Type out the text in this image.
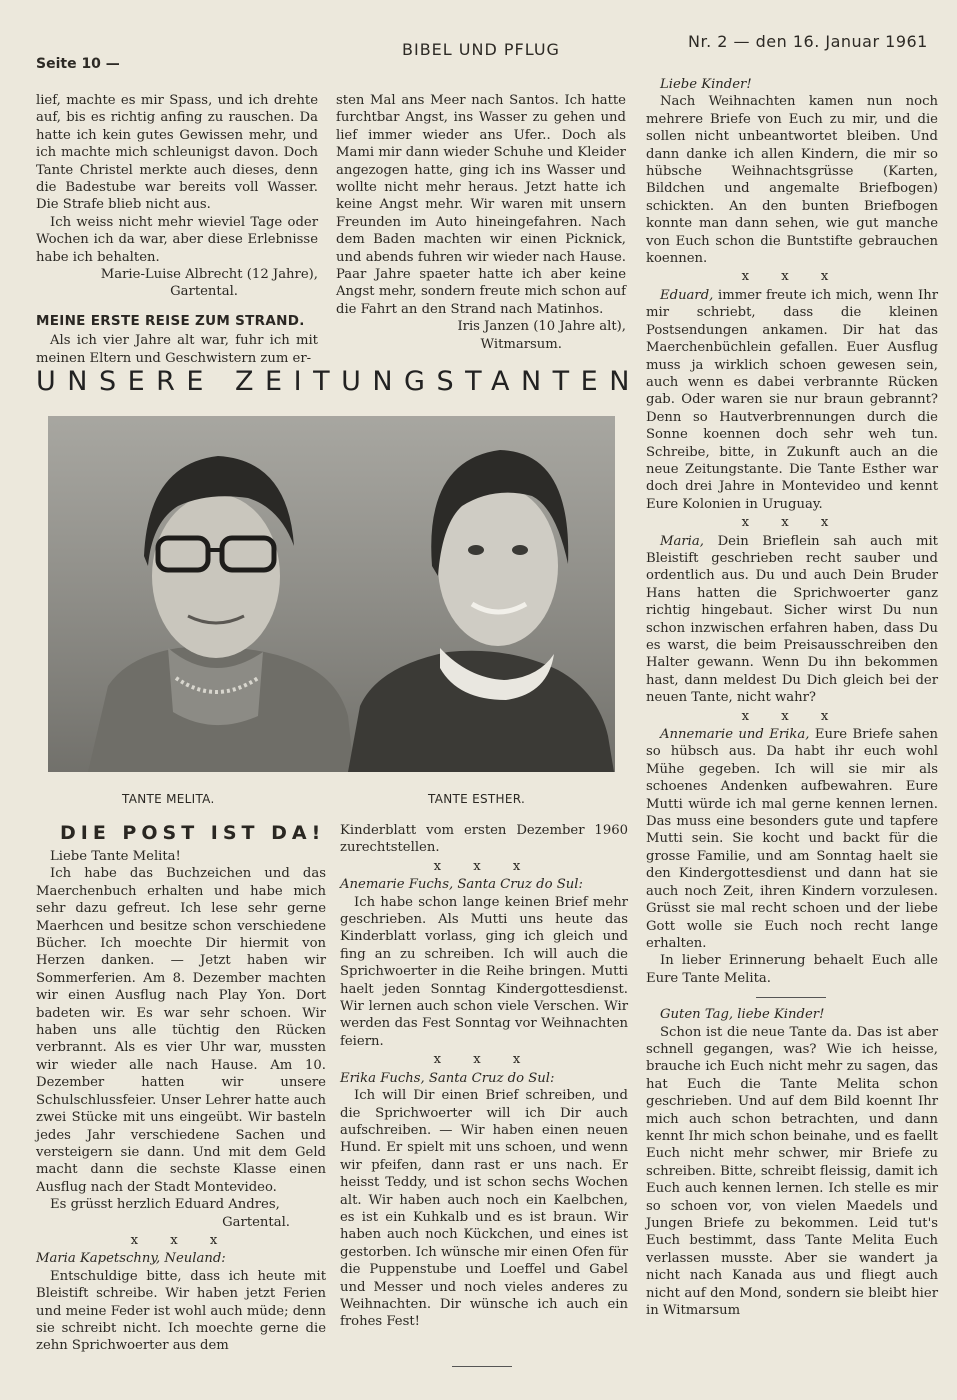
Seite 10 —
BIBEL UND PFLUG	Nr. 2 — den 16. Januar 1961

lief, machte es mir Spass, und ich drehte auf, bis es richtig anfing zu rauschen. Da hatte ich kein gutes Gewissen mehr, und ich machte mich schleunigst davon. Doch Tante Christel merkte auch dieses, denn die Badestube war bereits voll Wasser. Die Strafe blieb nicht aus.

Ich weiss nicht mehr wieviel Tage oder Wochen ich da war, aber diese Erlebnisse habe ich behalten.

Marie-Luise Albrecht (12 Jahre),
Gartental.
MEINE ERSTE REISE ZUM STRAND.

Als ich vier Jahre alt war, fuhr ich mit meinen Eltern und Geschwistern zum er-

sten Mal ans Meer nach Santos. Ich hatte furchtbar Angst, ins Wasser zu gehen und lief immer wieder ans Ufer.. Doch als Mami mir dann wieder Schuhe und Kleider angezogen hatte, ging ich ins Wasser und wollte nicht mehr heraus. Jetzt hatte ich keine Angst mehr. Wir waren mit unsern Freunden im Auto hineingefahren. Nach dem Baden machten wir einen Picknick, und abends fuhren wir wieder nach Hause. Paar Jahre spaeter hatte ich aber keine Angst mehr, sondern freute mich schon auf die Fahrt an den Strand nach Matinhos.

Iris Janzen (10 Jahre alt),
Witmarsum.
UNSERE ZEITUNGSTANTEN
TANTE MELITA.	TANTE ESTHER.
DIE POST IST DA!

Liebe Tante Melita!

Ich habe das Buchzeichen und das Maerchenbuch erhalten und habe mich sehr dazu gefreut. Ich lese sehr gerne Maerhcen und besitze schon verschiedene Bücher. Ich moechte Dir hiermit von Herzen danken. — Jetzt haben wir Sommerferien. Am 8. Dezember machten wir einen Ausflug nach Play Yon. Dort badeten wir. Es war sehr schoen. Wir haben uns alle tüchtig den Rücken verbrannt. Als es vier Uhr war, mussten wir wieder alle nach Hause. Am 10. Dezember hatten wir unsere Schulschlussfeier. Unser Lehrer hatte auch zwei Stücke mit uns eingeübt. Wir basteln jedes Jahr verschiedene Sachen und versteigern sie dann. Und mit dem Geld macht dann die sechste Klasse einen Ausflug nach der Stadt Montevideo.

Es grüsst herzlich Eduard Andres,

Gartental.
x x x

Maria Kapetschny, Neuland:

Entschuldige bitte, dass ich heute mit Bleistift schreibe. Wir haben jetzt Ferien und meine Feder ist wohl auch müde; denn sie schreibt nicht. Ich moechte gerne die zehn Sprichwoerter aus dem

Kinderblatt vom ersten Dezember 1960 zurechtstellen.

x x x

Anemarie Fuchs, Santa Cruz do Sul:

Ich habe schon lange keinen Brief mehr geschrieben. Als Mutti uns heute das Kinderblatt vorlass, ging ich gleich und fing an zu schreiben. Ich will auch die Sprichwoerter in die Reihe bringen. Mutti haelt jeden Sonntag Kindergottesdienst. Wir lernen auch schon viele Verschen. Wir werden das Fest Sonntag vor Weihnachten feiern.

x x x

Erika Fuchs, Santa Cruz do Sul:

Ich will Dir einen Brief schreiben, und die Sprichwoerter will ich Dir auch aufschreiben. — Wir haben einen neuen Hund. Er spielt mit uns schoen, und wenn wir pfeifen, dann rast er uns nach. Er heisst Teddy, und ist schon sechs Wochen alt. Wir haben auch noch ein Kaelbchen, es ist ein Kuhkalb und es ist braun. Wir haben auch noch Kückchen, und eines ist gestorben. Ich wünsche mir einen Ofen für die Puppenstube und Loeffel und Gabel und Messer und noch vieles anderes zu Weihnachten. Dir wünsche ich auch ein frohes Fest!

Liebe Kinder!

Nach Weihnachten kamen nun noch mehrere Briefe von Euch zu mir, und die sollen nicht unbeantwortet bleiben. Und dann danke ich allen Kindern, die mir so hübsche Weihnachtsgrüsse (Karten, Bildchen und angemalte Briefbogen) schickten. An den bunten Briefbogen konnte man dann sehen, wie gut manche von Euch schon die Buntstifte gebrauchen koennen.

x x x

Eduard, immer freute ich mich, wenn Ihr mir schriebt, dass die kleinen Postsendungen ankamen. Dir hat das Maerchenbüchlein gefallen. Euer Ausflug muss ja wirklich schoen gewesen sein, auch wenn es dabei verbrannte Rücken gab. Oder waren sie nur braun gebrannt? Denn so Hautverbrennungen durch die Sonne koennen doch sehr weh tun. Schreibe, bitte, in Zukunft auch an die neue Zeitungstante. Die Tante Esther war doch drei Jahre in Montevideo und kennt Eure Kolonien in Uruguay.

x x x

Maria, Dein Brieflein sah auch mit Bleistift geschrieben recht sauber und ordentlich aus. Du und auch Dein Bruder Hans hatten die Sprichwoerter ganz richtig hingebaut. Sicher wirst Du nun schon inzwischen erfahren haben, dass Du es warst, die beim Preisausschreiben den Halter gewann. Wenn Du ihn bekommen hast, dann meldest Du Dich gleich bei der neuen Tante, nicht wahr?

x x x

Annemarie und Erika, Eure Briefe sahen so hübsch aus. Da habt ihr euch wohl Mühe gegeben. Ich will sie mir als schoenes Andenken aufbewahren. Eure Mutti würde ich mal gerne kennen lernen. Das muss eine besonders gute und tapfere Mutti sein. Sie kocht und backt für die grosse Familie, und am Sonntag haelt sie den Kindergottesdienst und dann hat sie auch noch Zeit, ihren Kindern vorzulesen. Grüsst sie mal recht schoen und der liebe Gott wolle sie Euch noch recht lange erhalten.

In lieber Erinnerung behaelt Euch alle Eure Tante Melita.

Guten Tag, liebe Kinder!

Schon ist die neue Tante da. Das ist aber schnell gegangen, was? Wie ich heisse, brauche ich Euch nicht mehr zu sagen, das hat Euch die Tante Melita schon geschrieben. Und auf dem Bild koennt Ihr mich auch schon betrachten, und dann kennt Ihr mich schon beinahe, und es faellt Euch nicht mehr schwer, mir Briefe zu schreiben. Bitte, schreibt fleissig, damit ich Euch auch kennen lernen. Ich stelle es mir so schoen vor, von vielen Maedels und Jungen Briefe zu bekommen. Leid tut's Euch bestimmt, dass Tante Melita Euch verlassen musste. Aber sie wandert ja nicht nach Kanada aus und fliegt auch nicht auf den Mond, sondern sie bleibt hier in Witmarsum
